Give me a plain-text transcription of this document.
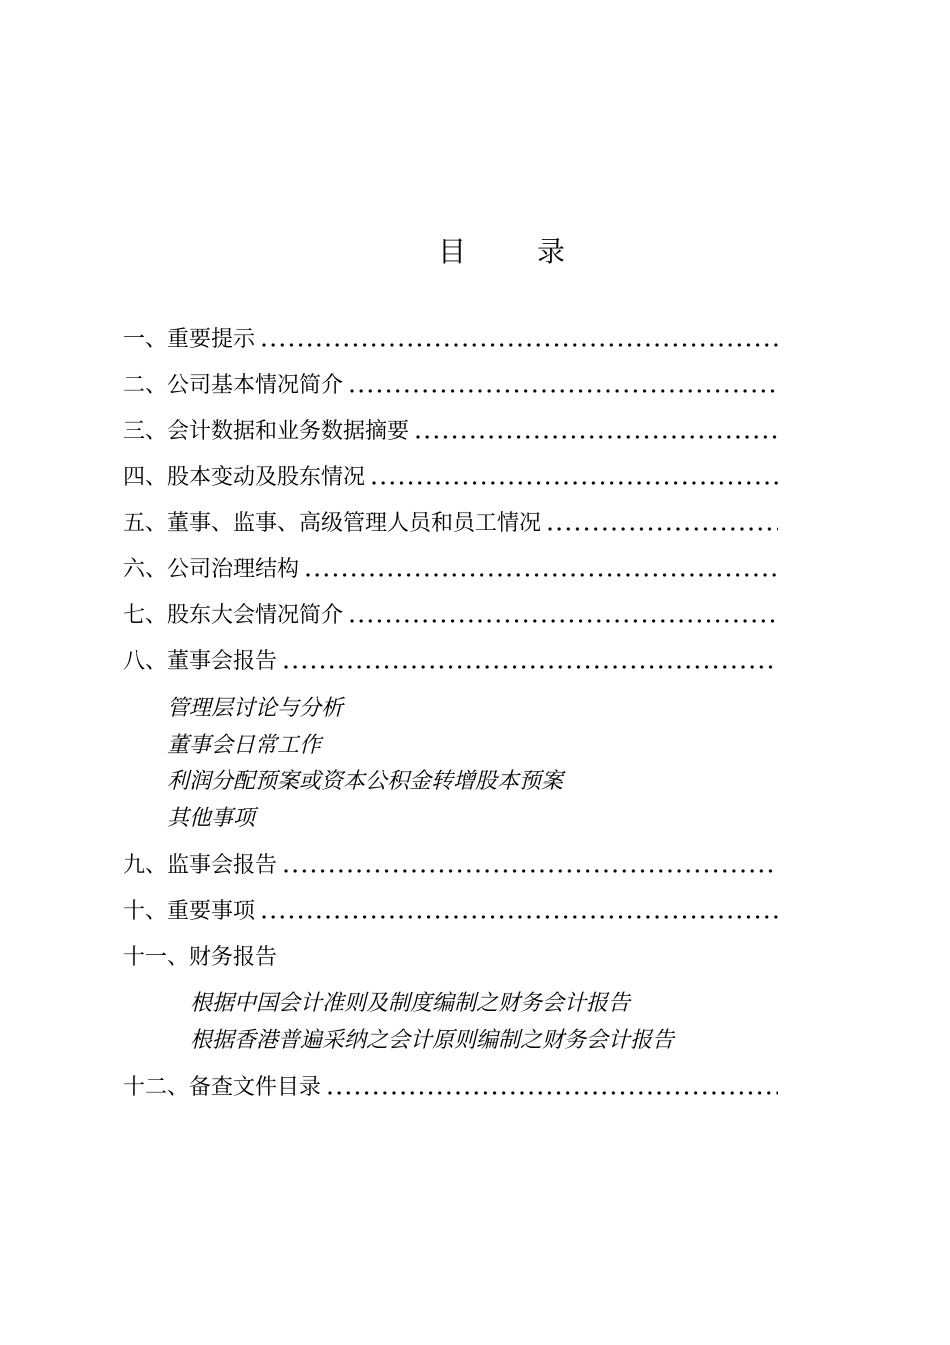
目　　录
一、重要提示
二、公司基本情况简介
三、会计数据和业务数据摘要
四、股本变动及股东情况
五、董事、监事、高级管理人员和员工情况
六、公司治理结构
七、股东大会情况简介
八、董事会报告
管理层讨论与分析
董事会日常工作
利润分配预案或资本公积金转增股本预案
其他事项
九、监事会报告
十、重要事项
十一、财务报告
根据中国会计准则及制度编制之财务会计报告
根据香港普遍采纳之会计原则编制之财务会计报告
十二、备查文件目录
